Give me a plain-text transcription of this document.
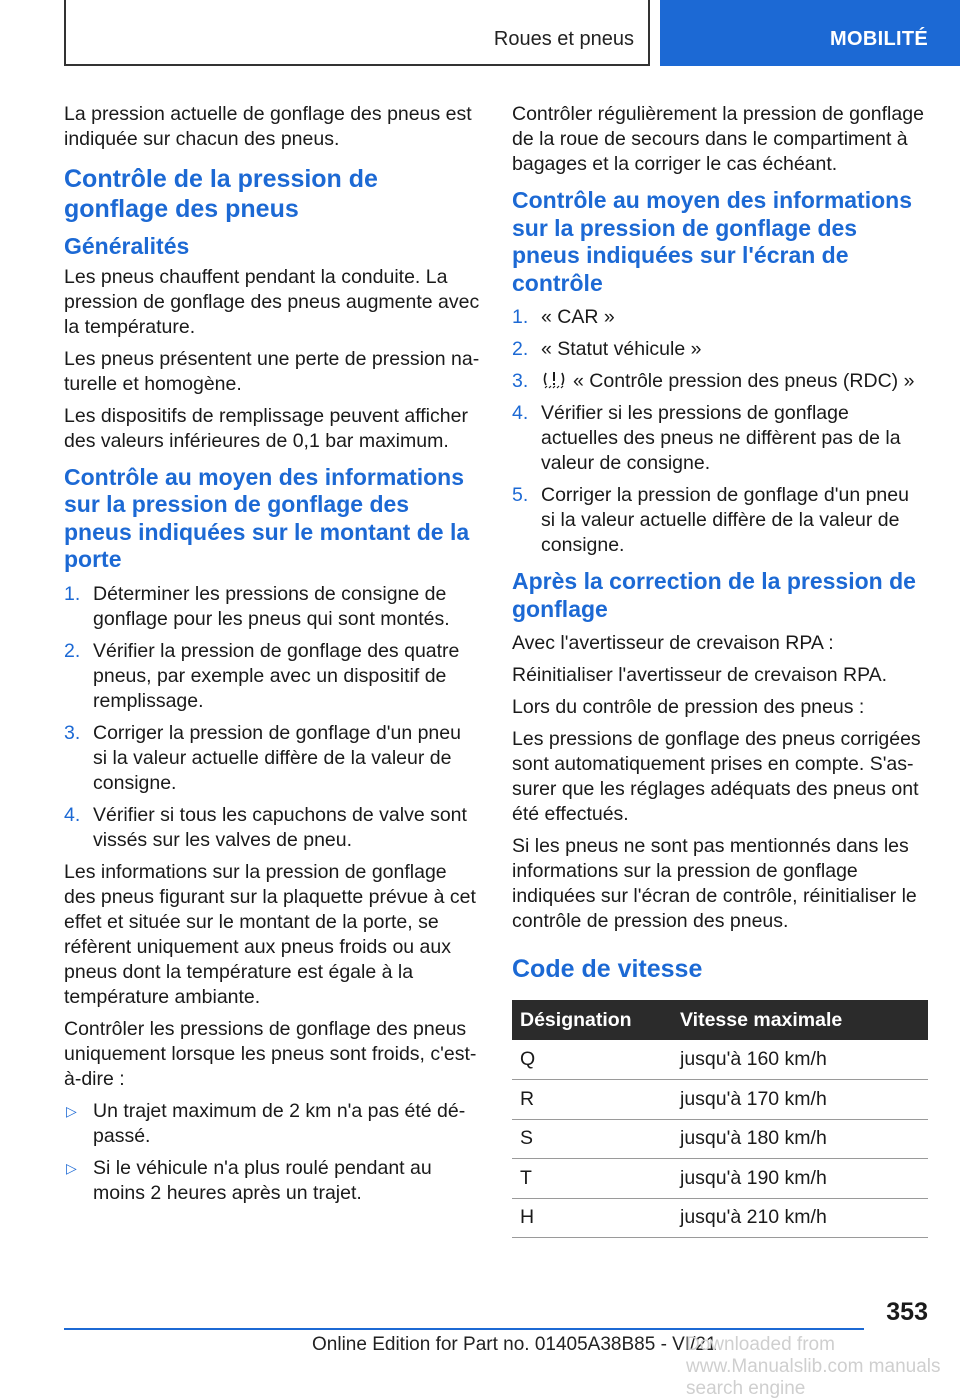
Roues et pneus	MOBILITÉ

La pression actuelle de gonflage des pneus est indiquée sur chacun des pneus.

Contrôle de la pression de gonflage des pneus
Généralités

Les pneus chauffent pendant la conduite. La pression de gonflage des pneus augmente avec la température.

Les pneus présentent une perte de pression naturelle et homogène.

Les dispositifs de remplissage peuvent afficher des valeurs inférieures de 0,1 bar maximum.

Contrôle au moyen des informations sur la pression de gonflage des pneus indiquées sur le montant de la porte
1. Déterminer les pressions de consigne de gonflage pour les pneus qui sont montés.
2. Vérifier la pression de gonflage des quatre pneus, par exemple avec un dispositif de remplissage.
3. Corriger la pression de gonflage d'un pneu si la valeur actuelle diffère de la valeur de consigne.
4. Vérifier si tous les capuchons de valve sont vissés sur les valves de pneu.

Les informations sur la pression de gonflage des pneus figurant sur la plaquette prévue à cet effet et située sur le montant de la porte, se réfèrent uniquement aux pneus froids ou aux pneus dont la température est égale à la température ambiante.

Contrôler les pressions de gonflage des pneus uniquement lorsque les pneus sont froids, c'est-à-dire :

▷ Un trajet maximum de 2 km n'a pas été dépassé.
▷ Si le véhicule n'a plus roulé pendant au moins 2 heures après un trajet.

Contrôler régulièrement la pression de gonflage de la roue de secours dans le compartiment à bagages et la corriger le cas échéant.

Contrôle au moyen des informations sur la pression de gonflage des pneus indiquées sur l'écran de contrôle
1. « CAR »
2. « Statut véhicule »
3.	« Contrôle pression des pneus (RDC) »
4. Vérifier si les pressions de gonflage actuelles des pneus ne diffèrent pas de la valeur de consigne.
5. Corriger la pression de gonflage d'un pneu si la valeur actuelle diffère de la valeur de consigne.
Après la correction de la pression de gonflage

Avec l'avertisseur de crevaison RPA :

Réinitialiser l'avertisseur de crevaison RPA.

Lors du contrôle de pression des pneus :

Les pressions de gonflage des pneus corrigées sont automatiquement prises en compte. S'assurer que les réglages adéquats des pneus ont été effectués.

Si les pneus ne sont pas mentionnés dans les informations sur la pression de gonflage indiquées sur l'écran de contrôle, réinitialiser le contrôle de pression des pneus.

Code de vitesse
Désignation	Vitesse maximale
Q	jusqu'à 160 km/h
R	jusqu'à 170 km/h
S	jusqu'à 180 km/h
T	jusqu'à 190 km/h
H	jusqu'à 210 km/h
353
Online Edition for Part no. 01405A38B85 - VI/21
Downloaded from www.Manualslib.com manuals search engine
